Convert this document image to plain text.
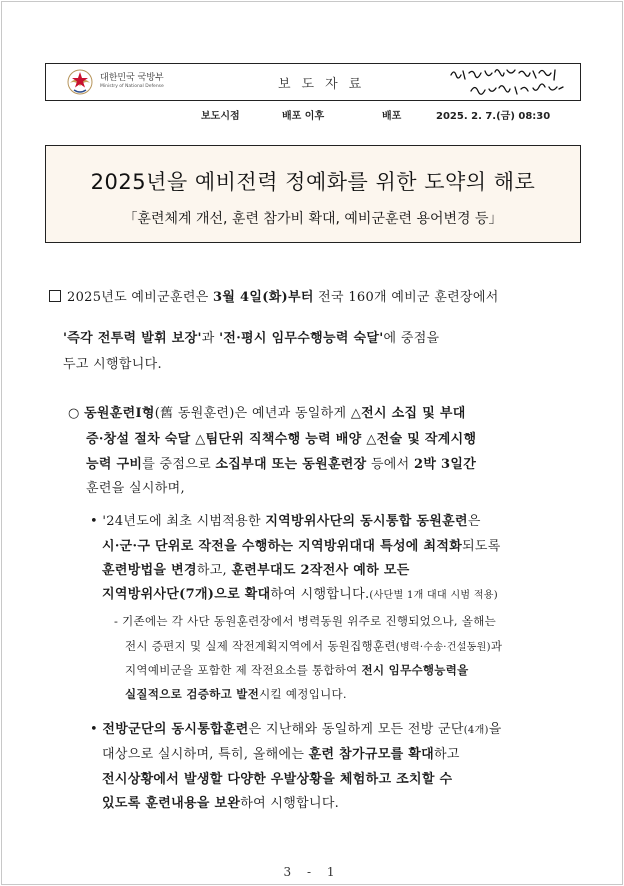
대한민국 국방부
Ministry of National Defense	보도자료
보도시점	배포 이후	배포	2025. 2. 7.(금) 08:30
2025년을 예비전력 정예화를 위한 도약의 해로
「훈련체계 개선, 훈련 참가비 확대, 예비군훈련 용어변경 등」
2025년도 예비군훈련은 3월 4일(화)부터 전국 160개 예비군 훈련장에서
'즉각 전투력 발휘 보장'과 '전·평시 임무수행능력 숙달'에 중점을
두고 시행합니다.
○ 동원훈련Ⅰ형(舊 동원훈련)은 예년과 동일하게 △전시 소집 및 부대
증·창설 절차 숙달 △팀단위 직책수행 능력 배양 △전술 및 작계시행
능력 구비를 중점으로 소집부대 또는 동원훈련장 등에서 2박 3일간
훈련을 실시하며,
• '24년도에 최초 시범적용한 지역방위사단의 동시통합 동원훈련은
시·군·구 단위로 작전을 수행하는 지역방위대대 특성에 최적화되도록
훈련방법을 변경하고, 훈련부대도 2작전사 예하 모든
지역방위사단(7개)으로 확대하여 시행합니다.(사단별 1개 대대 시범 적용)
- 기존에는 각 사단 동원훈련장에서 병력동원 위주로 진행되었으나, 올해는
전시 증편지 및 실제 작전계획지역에서 동원집행훈련(병력·수송·건설동원)과
지역예비군을 포함한 제 작전요소를 통합하여 전시 임무수행능력을
실질적으로 검증하고 발전시킬 예정입니다.
• 전방군단의 동시통합훈련은 지난해와 동일하게 모든 전방 군단(4개)을
대상으로 실시하며, 특히, 올해에는 훈련 참가규모를 확대하고
전시상황에서 발생할 다양한 우발상황을 체험하고 조치할 수
있도록 훈련내용을 보완하여 시행합니다.
3 - 1
